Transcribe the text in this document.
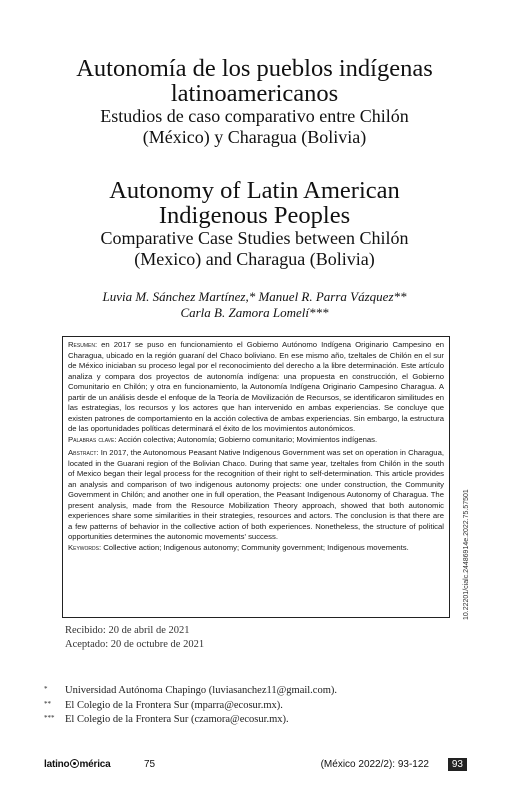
Autonomía de los pueblos indígenas
latinoamericanos
Estudios de caso comparativo entre Chilón
(México) y Charagua (Bolivia)
Autonomy of Latin American
Indigenous Peoples
Comparative Case Studies between Chilón
(Mexico) and Charagua (Bolivia)
Luvia M. Sánchez Martínez,* Manuel R. Parra Vázquez**
Carla B. Zamora Lomelí***

Resumen: en 2017 se puso en funcionamiento el Gobierno Autónomo Indígena Originario Campesino en Charagua, ubicado en la región guaraní del Chaco boliviano. En ese mismo año, tzeltales de Chilón en el sur de México iniciaban su proceso legal por el reconocimiento del derecho a la libre determinación. Este artículo analiza y compara dos proyectos de autonomía indígena: una propuesta en construcción, el Gobierno Comunitario en Chilón; y otra en funcionamiento, la Autonomía Indígena Originario Campesino Charagua. A partir de un análisis desde el enfoque de la Teoría de Movilización de Recursos, se identificaron similitudes en las estrategias, los recursos y los actores que han intervenido en ambas experiencias. Se concluye que existen patrones de comportamiento en la acción colectiva de ambas experiencias. Sin embargo, la estructura de las oportunidades políticas determinará el éxito de los movimientos autonómicos.

Palabras clave: Acción colectiva; Autonomía; Gobierno comunitario; Movimientos indígenas.

Abstract: In 2017, the Autonomous Peasant Native Indigenous Government was set on operation in Charagua, located in the Guarani region of the Bolivian Chaco. During that same year, tzeltales from Chilón in the south of Mexico began their legal process for the recognition of their right to self-determination. This article provides an analysis and comparison of two indigenous autonomy projects: one under construction, the Community Government in Chilón; and another one in full operation, the Peasant Indigenous Autonomy of Charagua. The present analysis, made from the Resource Mobilization Theory approach, showed that both autonomic experiences share some similarities in their strategies, resources and actors. The conclusion is that there are a few patterns of behavior in the collective action of both experiences. Nonetheless, the structure of political opportunities determines the autonomic movements' success.

Keywords: Collective action; Indigenous autonomy; Community government; Indigenous movements.	10.22201/cialc.24486914e.2022.75.57501
Recibido: 20 de abril de 2021
Aceptado: 20 de octubre de 2021
* Universidad Autónoma Chapingo (luviasanchez11@gmail.com).
** El Colegio de la Frontera Sur (mparra@ecosur.mx).
*** El Colegio de la Frontera Sur (czamora@ecosur.mx).
latino mérica	75	(México 2022/2): 93-122	93
